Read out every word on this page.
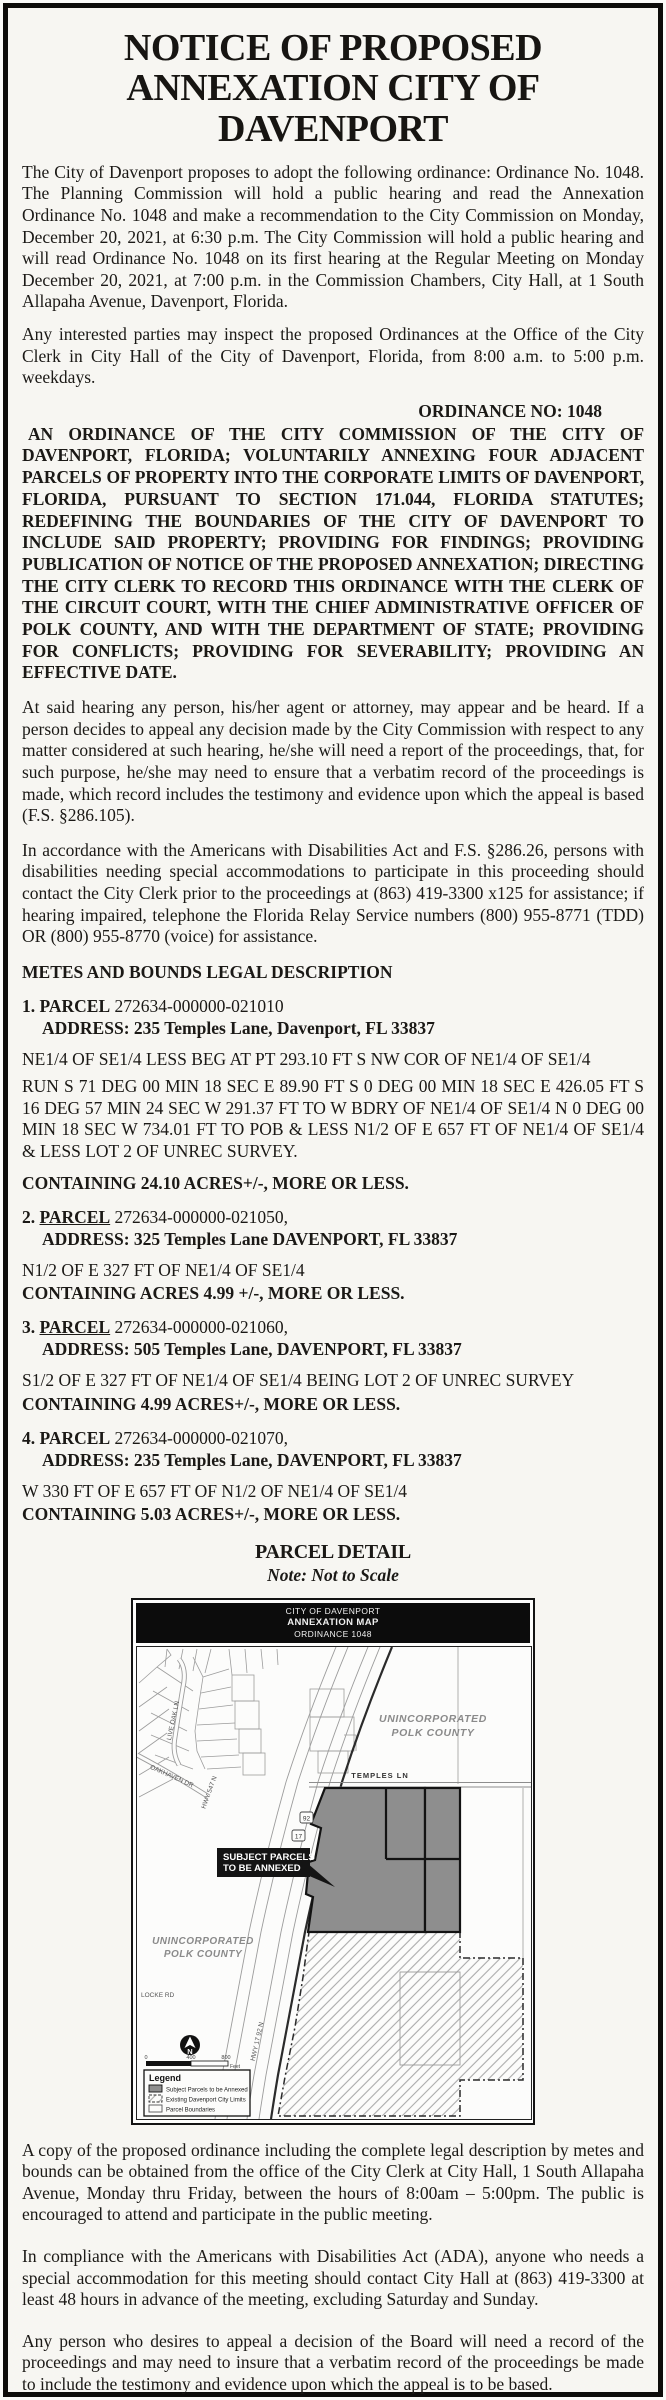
NOTICE OF PROPOSED ANNEXATION CITY OF DAVENPORT

The City of Davenport proposes to adopt the following ordinance: Ordinance No. 1048. The Planning Commission will hold a public hearing and read the Annexation Ordinance No. 1048 and make a recommendation to the City Commission on Monday, December 20, 2021, at 6:30 p.m. The City Commission will hold a public hearing and will read Ordinance No. 1048 on its first hearing at the Regular Meeting on Monday December 20, 2021, at 7:00 p.m. in the Commission Chambers, City Hall, at 1 South Allapaha Avenue, Davenport, Florida.

Any interested parties may inspect the proposed Ordinances at the Office of the City Clerk in City Hall of the City of Davenport, Florida, from 8:00 a.m. to 5:00 p.m. weekdays.

ORDINANCE NO: 1048

AN ORDINANCE OF THE CITY COMMISSION OF THE CITY OF DAVENPORT, FLORIDA; VOLUNTARILY ANNEXING FOUR ADJACENT PARCELS OF PROPERTY INTO THE CORPORATE LIMITS OF DAVENPORT, FLORIDA, PURSUANT TO SECTION 171.044, FLORIDA STATUTES; REDEFINING THE BOUNDARIES OF THE CITY OF DAVENPORT TO INCLUDE SAID PROPERTY; PROVIDING FOR FINDINGS; PROVIDING PUBLICATION OF NOTICE OF THE PROPOSED ANNEXATION; DIRECTING THE CITY CLERK TO RECORD THIS ORDINANCE WITH THE CLERK OF THE CIRCUIT COURT, WITH THE CHIEF ADMINISTRATIVE OFFICER OF POLK COUNTY, AND WITH THE DEPARTMENT OF STATE; PROVIDING FOR CONFLICTS; PROVIDING FOR SEVERABILITY; PROVIDING AN EFFECTIVE DATE.

At said hearing any person, his/her agent or attorney, may appear and be heard. If a person decides to appeal any decision made by the City Commission with respect to any matter considered at such hearing, he/she will need a report of the proceedings, that, for such purpose, he/she may need to ensure that a verbatim record of the proceedings is made, which record includes the testimony and evidence upon which the appeal is based (F.S. §286.105).

In accordance with the Americans with Disabilities Act and F.S. §286.26, persons with disabilities needing special accommodations to participate in this proceeding should contact the City Clerk prior to the proceedings at (863) 419-3300 x125 for assistance; if hearing impaired, telephone the Florida Relay Service numbers (800) 955-8771 (TDD) OR (800) 955-8770 (voice) for assistance.

METES AND BOUNDS LEGAL DESCRIPTION
1. PARCEL 272634-000000-021010
ADDRESS: 235 Temples Lane, Davenport, FL 33837

NE1/4 OF SE1/4 LESS BEG AT PT 293.10 FT S NW COR OF NE1/4 OF SE1/4

RUN S 71 DEG 00 MIN 18 SEC E 89.90 FT S 0 DEG 00 MIN 18 SEC E 426.05 FT S 16 DEG 57 MIN 24 SEC W 291.37 FT TO W BDRY OF NE1/4 OF SE1/4 N 0 DEG 00 MIN 18 SEC W 734.01 FT TO POB & LESS N1/2 OF E 657 FT OF NE1/4 OF SE1/4 & LESS LOT 2 OF UNREC SURVEY.

CONTAINING 24.10 ACRES+/-, MORE OR LESS.

2. PARCEL 272634-000000-021050,
ADDRESS: 325 Temples Lane DAVENPORT, FL 33837

N1/2 OF E 327 FT OF NE1/4 OF SE1/4

CONTAINING ACRES 4.99 +/-, MORE OR LESS.

3. PARCEL 272634-000000-021060,
ADDRESS: 505 Temples Lane, DAVENPORT, FL 33837

S1/2 OF E 327 FT OF NE1/4 OF SE1/4 BEING LOT 2 OF UNREC SURVEY

CONTAINING 4.99 ACRES+/-, MORE OR LESS.

4. PARCEL 272634-000000-021070,
ADDRESS: 235 Temples Lane, DAVENPORT, FL 33837

W 330 FT OF E 657 FT OF N1/2 OF NE1/4 OF SE1/4

CONTAINING 5.03 ACRES+/-, MORE OR LESS.

PARCEL DETAIL
Note: Not to Scale
CITY OF DAVENPORT
ANNEXATION MAP
ORDINANCE 1048
SUBJECT PARCELS
TO BE ANNEXED
92
17
UNINCORPORATED
POLK COUNTY
UNINCORPORATED
POLK COUNTY
TEMPLES LN
LIVE OAK LN
OAKHAVEN DR HWY 547 N
HWY 17 92 N
LOCKE RD
N
0	400	800
Feet
Legend
Subject Parcels to be Annexed
Existing Davenport City Limits
Parcel Boundaries

A copy of the proposed ordinance including the complete legal description by metes and bounds can be obtained from the office of the City Clerk at City Hall, 1 South Allapaha Avenue, Monday thru Friday, between the hours of 8:00am – 5:00pm. The public is encouraged to attend and participate in the public meeting.

In compliance with the Americans with Disabilities Act (ADA), anyone who needs a special accommodation for this meeting should contact City Hall at (863) 419-3300 at least 48 hours in advance of the meeting, excluding Saturday and Sunday.

Any person who desires to appeal a decision of the Board will need a record of the proceedings and may need to insure that a verbatim record of the proceedings be made to include the testimony and evidence upon which the appeal is to be based.
